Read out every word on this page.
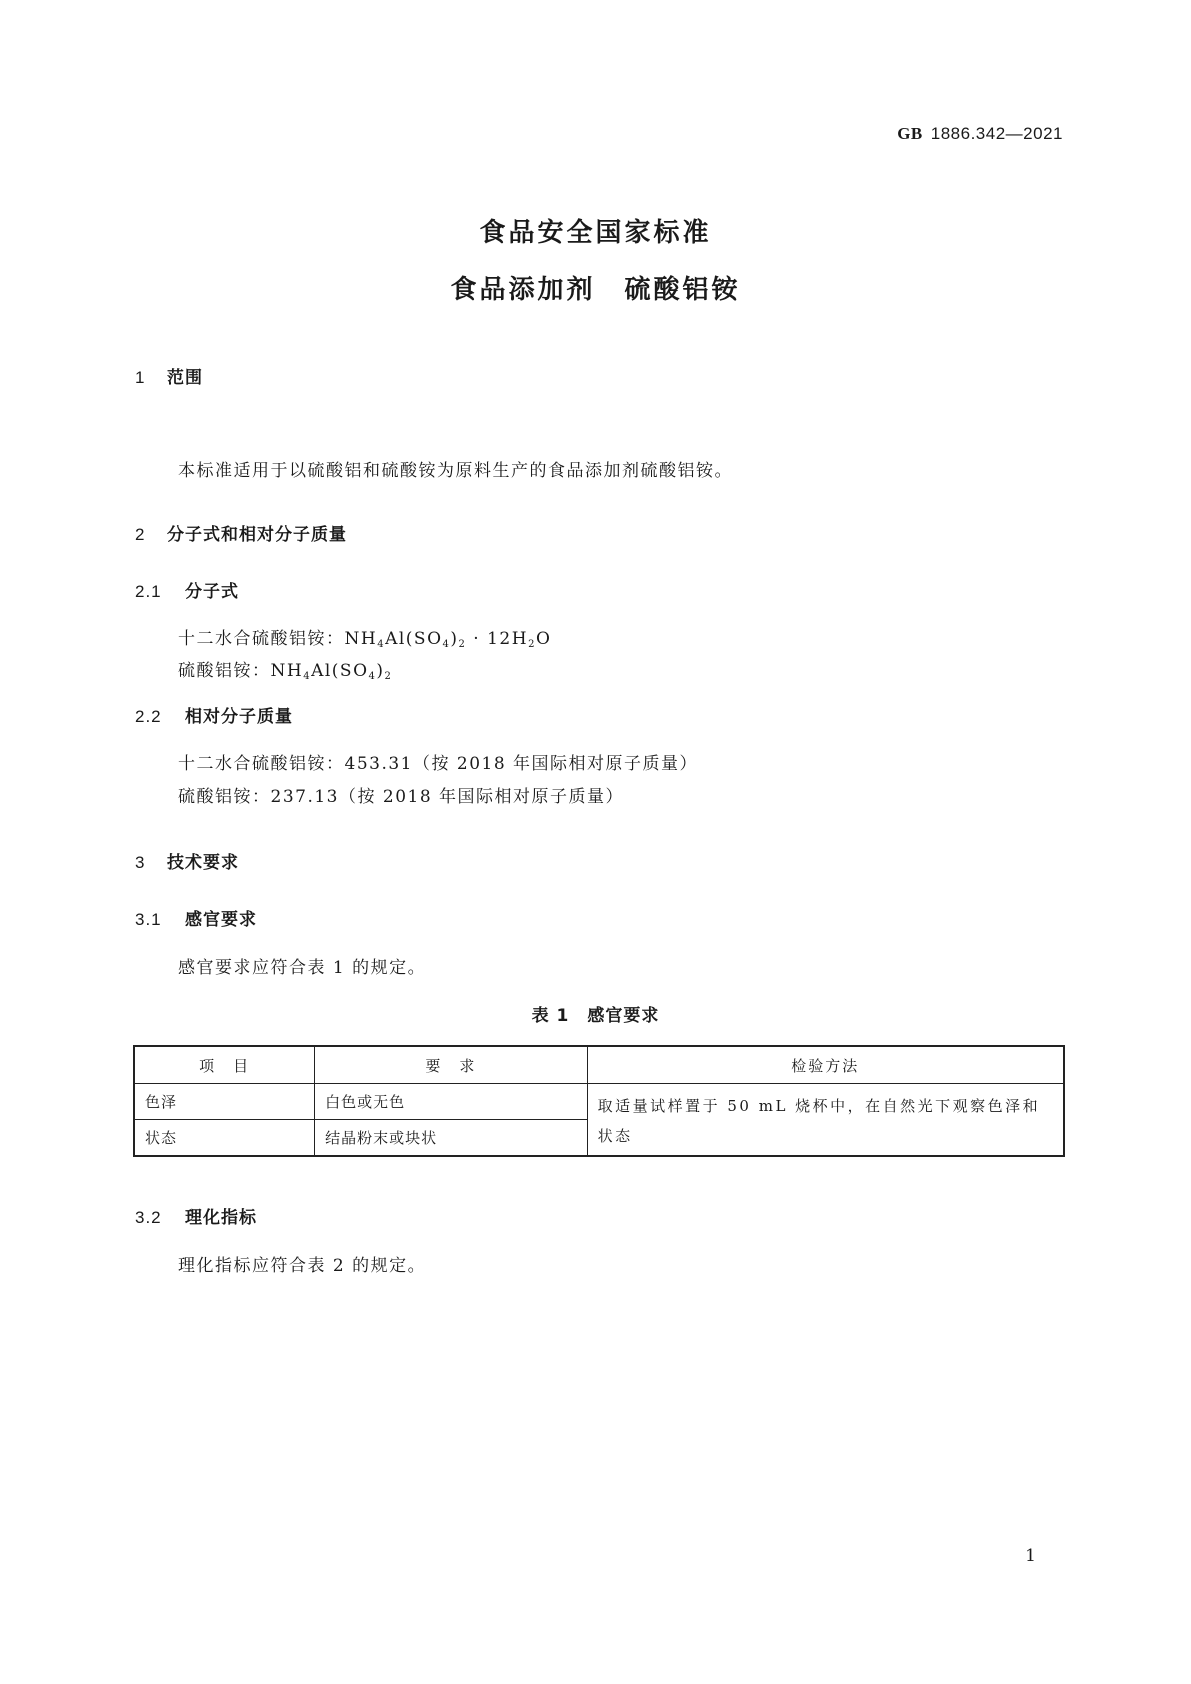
GB 1886.342—2021
食品安全国家标准
食品添加剂　硫酸铝铵
1 范围
本标准适用于以硫酸铝和硫酸铵为原料生产的食品添加剂硫酸铝铵。
2 分子式和相对分子质量
2.1 分子式
十二水合硫酸铝铵：$NH_4Al(SO_4)_2 \cdot 12H_2O$
硫酸铝铵：$NH_4Al(SO_4)_2$
2.2 相对分子质量
十二水合硫酸铝铵：453.31（按 2018 年国际相对原子质量）
硫酸铝铵：237.13（按 2018 年国际相对原子质量）
3 技术要求
3.1 感官要求
感官要求应符合表 1 的规定。
表 1　感官要求
项　目	要　求	检验方法
色泽	白色或无色	取适量试样置于 50 mL 烧杯中，在自然光下观察色泽和状态
状态	结晶粉末或块状	
3.2 理化指标
理化指标应符合表 2 的规定。
1
